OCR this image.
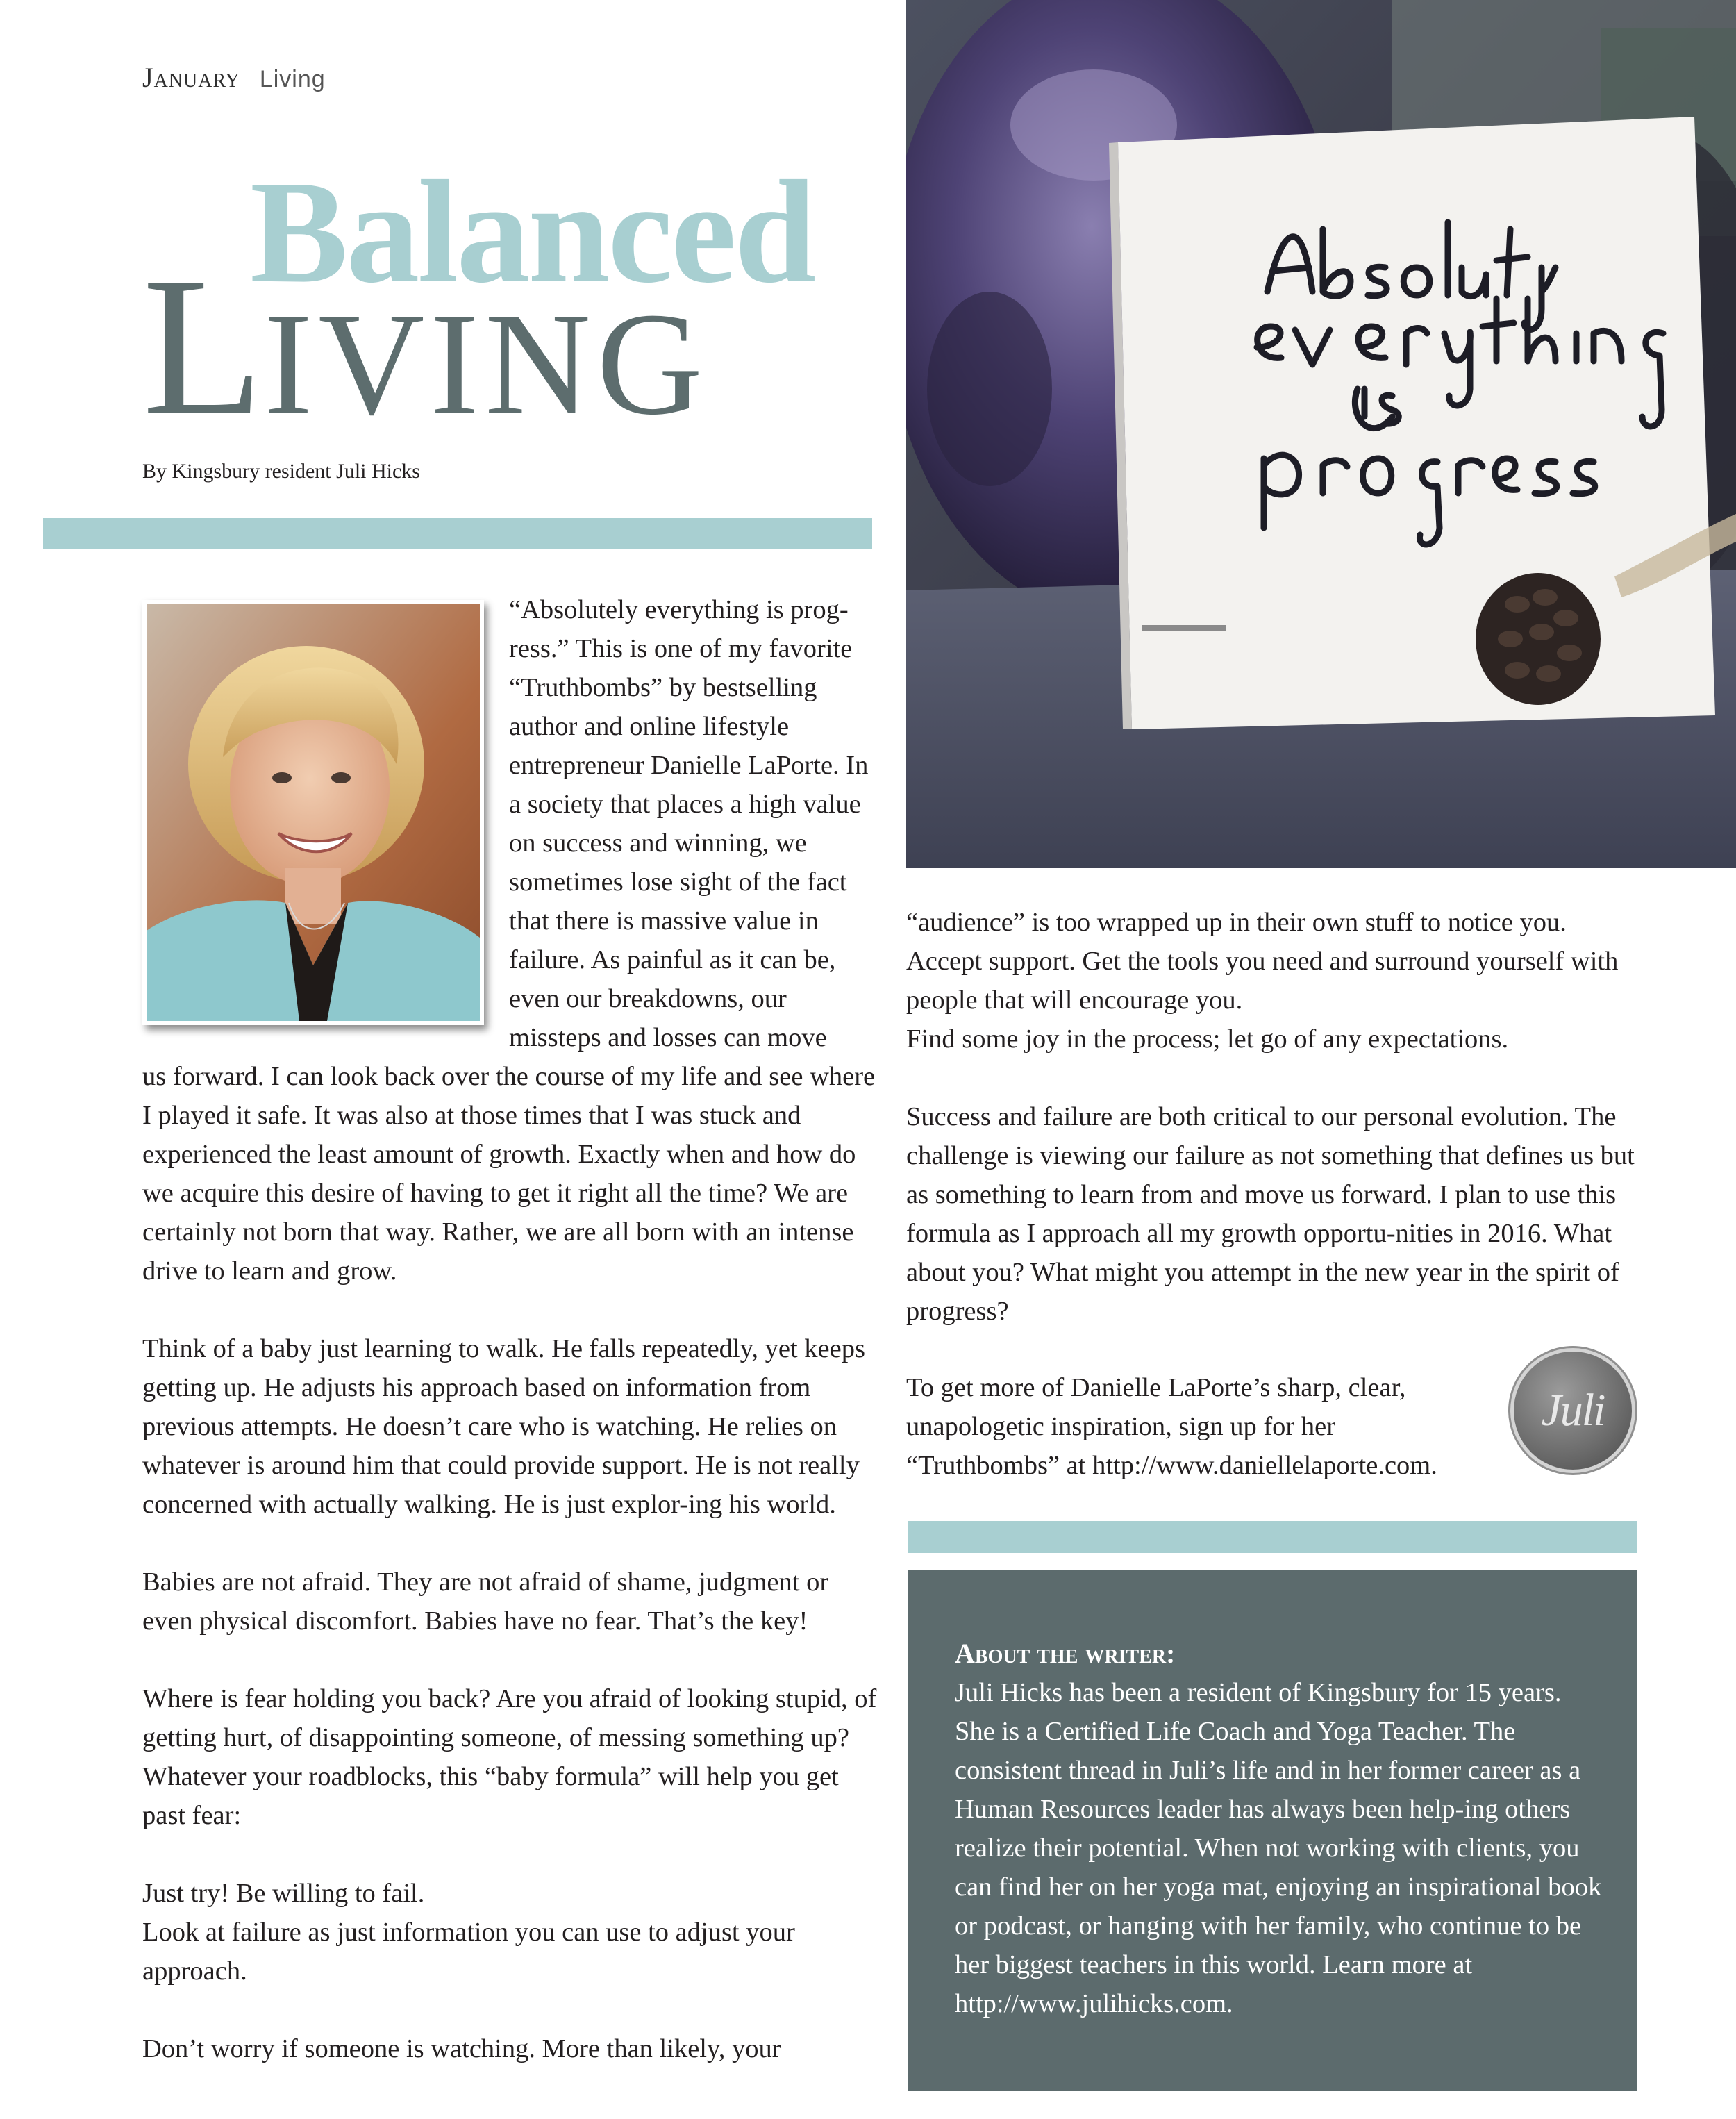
January Living
Balanced
LIVING
By Kingsbury resident Juli Hicks

“Absolutely everything is prog-ress.” This is one of my favorite “Truthbombs” by bestselling author and online lifestyle entrepreneur Danielle LaPorte. In a society that places a high value on success and winning, we sometimes lose sight of the fact that there is massive value in failure. As painful as it can be, even our breakdowns, our missteps and losses can move

us forward. I can look back over the course of my life and see where I played it safe. It was also at those times that I was stuck and experienced the least amount of growth. Exactly when and how do we acquire this desire of having to get it right all the time? We are certainly not born that way. Rather, we are all born with an intense drive to learn and grow.

Think of a baby just learning to walk. He falls repeatedly, yet keeps getting up. He adjusts his approach based on information from previous attempts. He doesn’t care who is watching. He relies on whatever is around him that could provide support. He is not really concerned with actually walking. He is just explor-ing his world.

Babies are not afraid. They are not afraid of shame, judgment or even physical discomfort. Babies have no fear. That’s the key!

Where is fear holding you back? Are you afraid of looking stupid, of getting hurt, of disappointing someone, of messing something up? Whatever your roadblocks, this “baby formula” will help you get past fear:

Just try! Be willing to fail.

Look at failure as just information you can use to adjust your approach.

Don’t worry if someone is watching. More than likely, your

“audience” is too wrapped up in their own stuff to notice you.

Accept support. Get the tools you need and surround yourself with people that will encourage you.

Find some joy in the process; let go of any expectations.

Success and failure are both critical to our personal evolution. The challenge is viewing our failure as not something that defines us but as something to learn from and move us forward. I plan to use this formula as I approach all my growth opportu-nities in 2016. What about you? What might you attempt in the new year in the spirit of progress?

To get more of Danielle LaPorte’s sharp, clear, unapologetic inspiration, sign up for her “Truthbombs” at http://www.daniellelaporte.com.

Juli
About the writer:
Juli Hicks has been a resident of Kingsbury for 15 years. She is a Certified Life Coach and Yoga Teacher. The consistent thread in Juli’s life and in her former career as a Human Resources leader has always been help-ing others realize their potential. When not working with clients, you can find her on her yoga mat, enjoying an inspirational book or podcast, or hanging with her family, who continue to be her biggest teachers in this world. Learn more at http://www.julihicks.com.
